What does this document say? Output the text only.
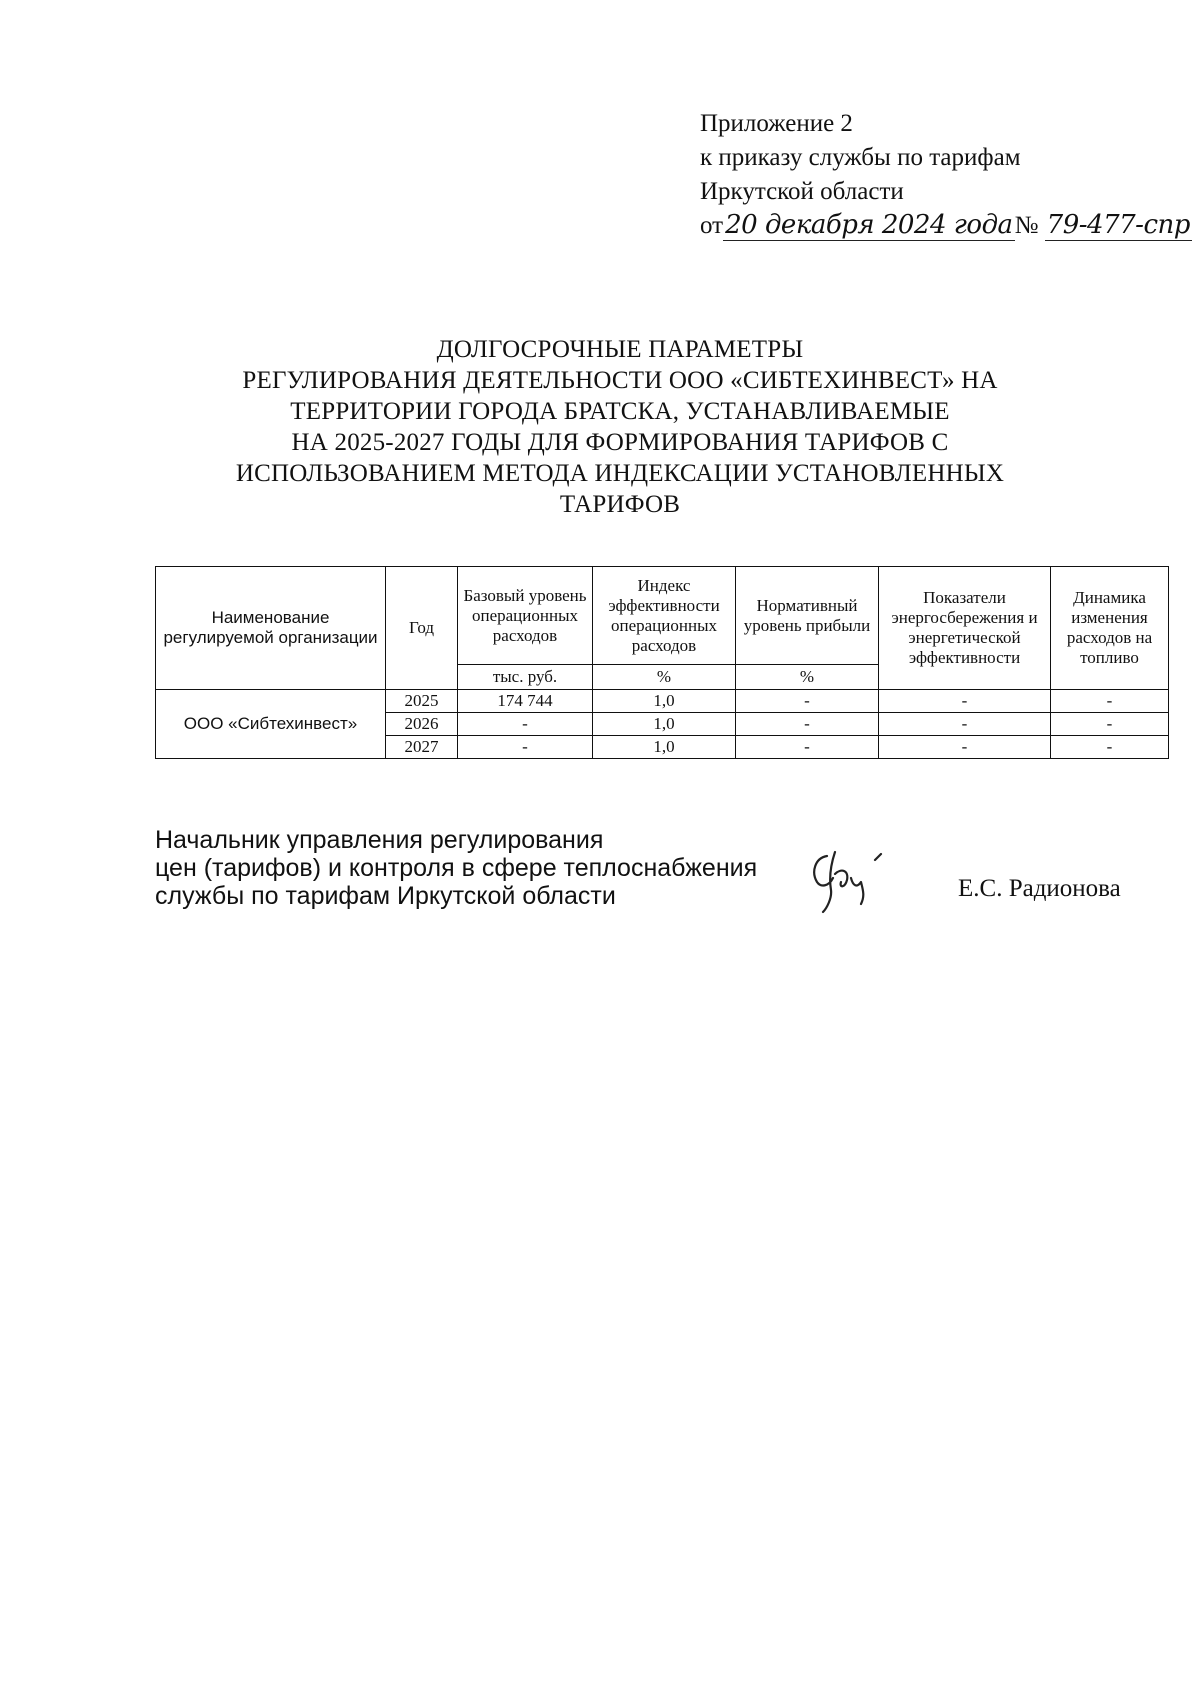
Приложение 2
к приказу службы по тарифам
Иркутской области
от20 декабря 2024 года№ 79-477-спр
ДОЛГОСРОЧНЫЕ ПАРАМЕТРЫ
РЕГУЛИРОВАНИЯ ДЕЯТЕЛЬНОСТИ ООО «СИБТЕХИНВЕСТ» НА
ТЕРРИТОРИИ ГОРОДА БРАТСКА, УСТАНАВЛИВАЕМЫЕ
НА 2025-2027 ГОДЫ ДЛЯ ФОРМИРОВАНИЯ ТАРИФОВ С
ИСПОЛЬЗОВАНИЕМ МЕТОДА ИНДЕКСАЦИИ УСТАНОВЛЕННЫХ
ТАРИФОВ
Наименование регулируемой организации	Год	Базовый уровень операционных расходов	Индекс эффективности операционных расходов	Нормативный уровень прибыли	Показатели энергосбережения и энергетической эффективности	Динамика изменения расходов на топливо
		тыс. руб.	%	%		
ООО «Сибтехинвест»	2025	174 744	1,0	-	-	-
	2026	-	1,0	-	-	-
	2027	-	1,0	-	-	-
Начальник управления регулирования
цен (тарифов) и контроля в сфере теплоснабжения
службы по тарифам Иркутской области	Е.С. Радионова
